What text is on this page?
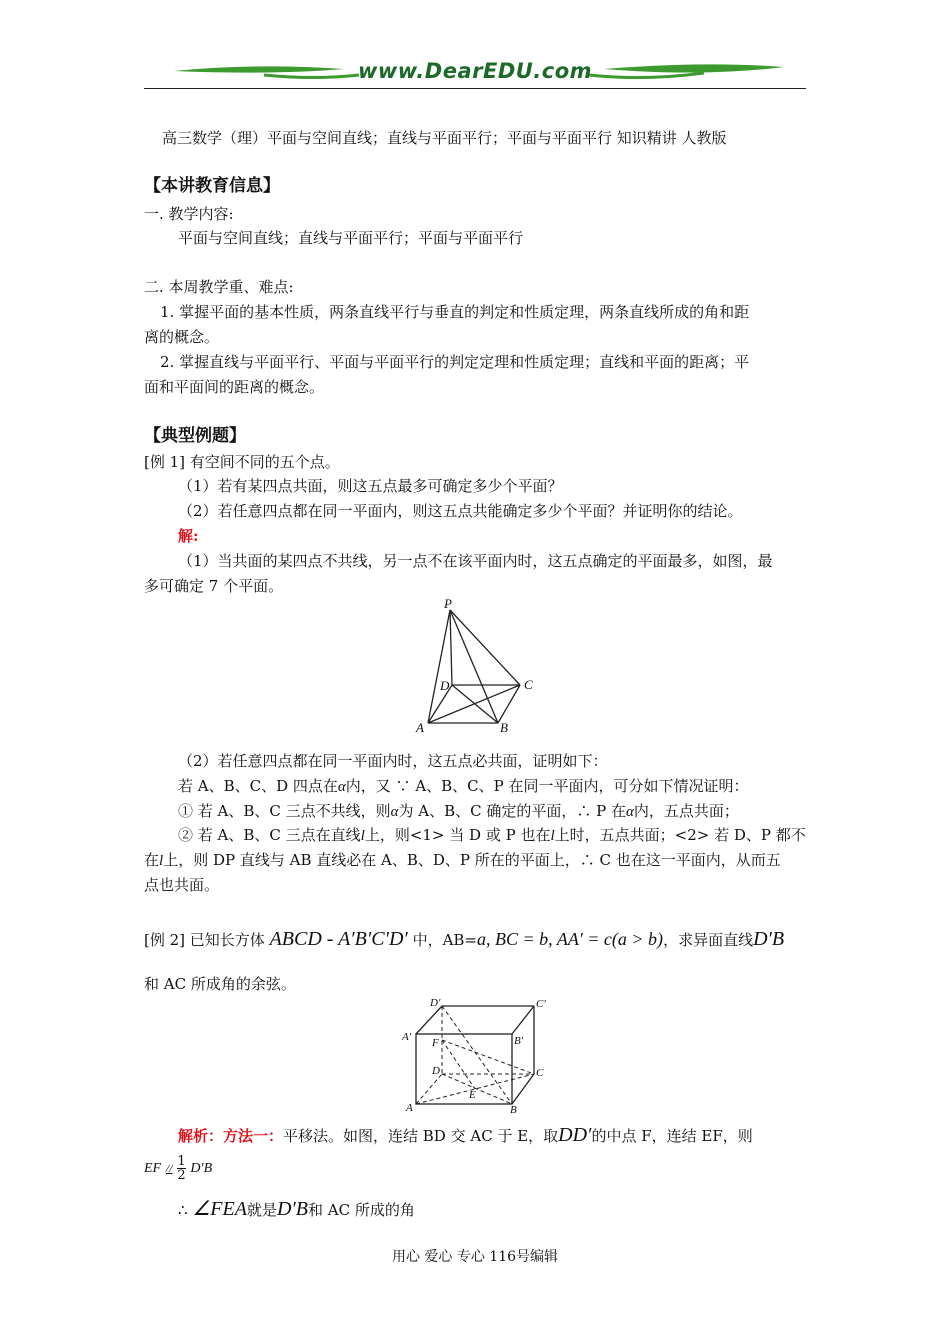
www.DearEDU.com
高三数学（理）平面与空间直线；直线与平面平行；平面与平面平行 知识精讲 人教版
【本讲教育信息】
一. 教学内容:
平面与空间直线；直线与平面平行；平面与平面平行
二. 本周教学重、难点:
1. 掌握平面的基本性质，两条直线平行与垂直的判定和性质定理，两条直线所成的角和距
离的概念。
2. 掌握直线与平面平行、平面与平面平行的判定定理和性质定理；直线和平面的距离；平
面和平面间的距离的概念。
【典型例题】
[例 1] 有空间不同的五个点。
（1）若有某四点共面，则这五点最多可确定多少个平面？
（2）若任意四点都在同一平面内，则这五点共能确定多少个平面？并证明你的结论。
解:
（1）当共面的某四点不共线，另一点不在该平面内时，这五点确定的平面最多，如图，最
多可确定 7 个平面。
P
D	C
A	B
（2）若任意四点都在同一平面内时，这五点必共面，证明如下：
若 A、B、C、D 四点在α内，又 ∵ A、B、C、P 在同一平面内，可分如下情况证明：
① 若 A、B、C 三点不共线，则α为 A、B、C 确定的平面，∴ P 在α内，五点共面；
② 若 A、B、C 三点在直线l上，则<1> 当 D 或 P 也在l上时，五点共面；<2> 若 D、P 都不
在l上，则 DP 直线与 AB 直线必在 A、B、D、P 所在的平面上，∴ C 也在这一平面内，从而五
点也共面。
[例 2] 已知长方体 ABCD - A′B′C′D′ 中，AB=a, BC = b, AA′ = c(a > b)，求异面直线D′B
和 AC 所成角的余弦。
D′	C′
A′	B′
F
D	C
E
A	B
解析：方法一：平移法。如图，连结 BD 交 AC 于 E，取DD′的中点 F，连结 EF，则
EF // $\frac{1}{2} D'B$
∴ ∠FEA就是D′B和 AC 所成的角
用心 爱心 专心 116号编辑
